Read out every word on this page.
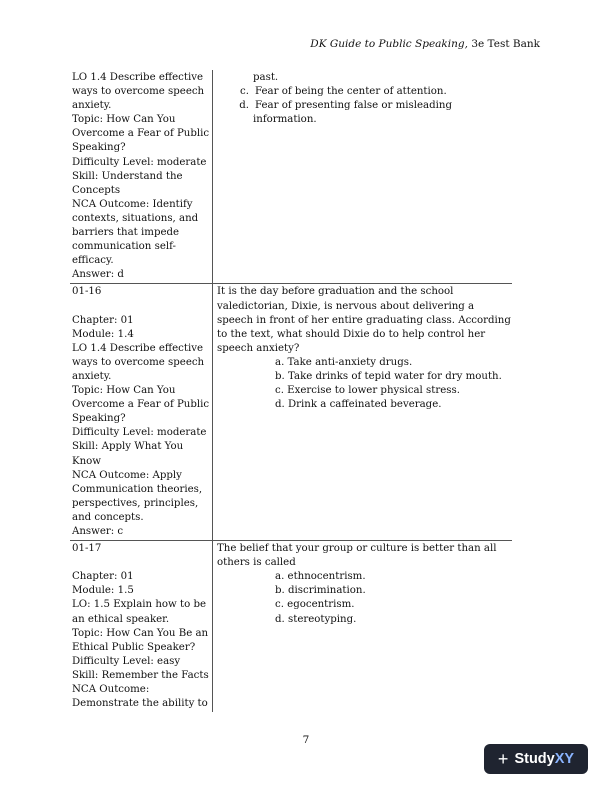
DK Guide to Public Speaking, 3e Test Bank
LO 1.4 Describe effective
ways to overcome speech
anxiety.
Topic: How Can You
Overcome a Fear of Public
Speaking?
Difficulty Level: moderate
Skill: Understand the
Concepts
NCA Outcome: Identify
contexts, situations, and
barriers that impede
communication self-
efficacy.
Answer: d
past.
c. Fear of being the center of attention.
d. Fear of presenting false or misleading
information.
01-16
Chapter: 01
Module: 1.4
LO 1.4 Describe effective
ways to overcome speech
anxiety.
Topic: How Can You
Overcome a Fear of Public
Speaking?
Difficulty Level: moderate
Skill: Apply What You
Know
NCA Outcome: Apply
Communication theories,
perspectives, principles,
and concepts.
Answer: c
It is the day before graduation and the school
valedictorian, Dixie, is nervous about delivering a
speech in front of her entire graduating class. According
to the text, what should Dixie do to help control her
speech anxiety?
a. Take anti-anxiety drugs.
b. Take drinks of tepid water for dry mouth.
c. Exercise to lower physical stress.
d. Drink a caffeinated beverage.
01-17
Chapter: 01
Module: 1.5
LO: 1.5 Explain how to be
an ethical speaker.
Topic: How Can You Be an
Ethical Public Speaker?
Difficulty Level: easy
Skill: Remember the Facts
NCA Outcome:
Demonstrate the ability to
The belief that your group or culture is better than all
others is called
a. ethnocentrism.
b. discrimination.
c. egocentrism.
d. stereotyping.
7
+ Study XY
